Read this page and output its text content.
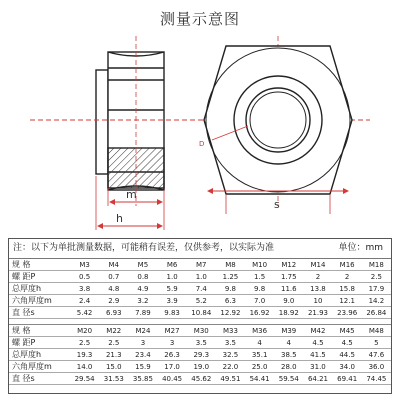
测量示意图
m
h
s
D
注：以下为单批测量数据，可能稍有误差，仅供参考，以实际为准	单位：mm
规 格	M3	M4	M5	M6	M7	M8	M10	M12	M14	M16	M18
螺 距P	0.5	0.7	0.8	1.0	1.0	1.25	1.5	1.75	2	2	2.5
总厚度h	3.8	4.8	4.9	5.9	7.4	9.8	9.8	11.6	13.8	15.8	17.9
六角厚度m	2.4	2.9	3.2	3.9	5.2	6.3	7.0	9.0	10	12.1	14.2
直 径s	5.42	6.93	7.89	9.83	10.84	12.92	16.92	18.92	21.93	23.96	26.84

规 格	M20	M22	M24	M27	M30	M33	M36	M39	M42	M45	M48
螺 距P	2.5	2.5	3	3	3.5	3.5	4	4	4.5	4.5	5
总厚度h	19.3	21.3	23.4	26.3	29.3	32.5	35.1	38.5	41.5	44.5	47.6
六角厚度m	14.0	15.0	15.9	17.0	19.0	22.0	25.0	28.0	31.0	34.0	36.0
直 径s	29.54	31.53	35.85	40.45	45.62	49.51	54.41	59.54	64.21	69.41	74.45
